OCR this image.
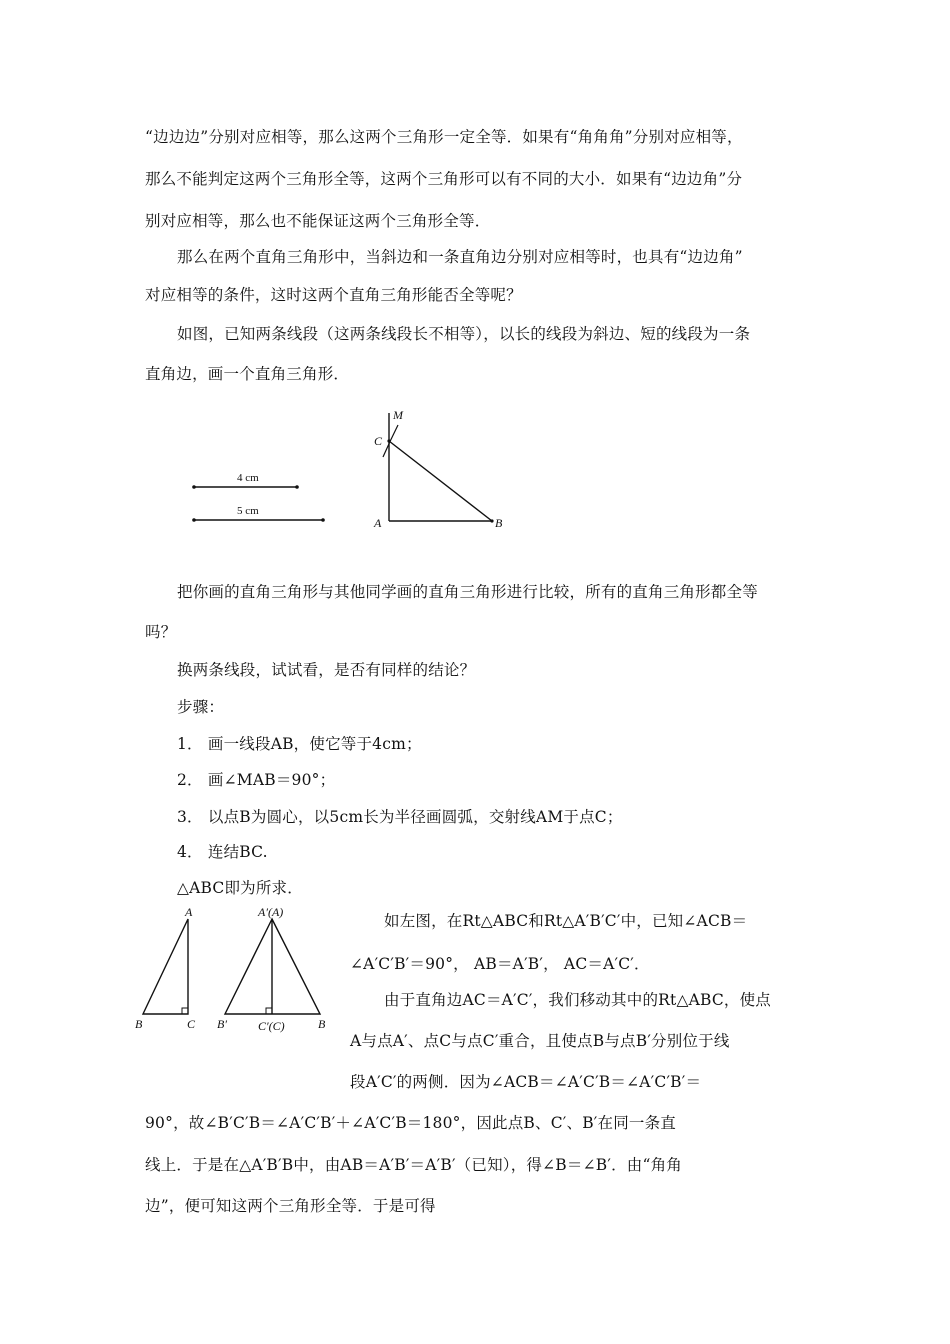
“边边边”分别对应相等，那么这两个三角形一定全等．如果有“角角角”分别对应相等，
那么不能判定这两个三角形全等，这两个三角形可以有不同的大小．如果有“边边角”分
别对应相等，那么也不能保证这两个三角形全等．
那么在两个直角三角形中，当斜边和一条直角边分别对应相等时，也具有“边边角”
对应相等的条件，这时这两个直角三角形能否全等呢？
如图，已知两条线段（这两条线段长不相等），以长的线段为斜边、短的线段为一条
直角边，画一个直角三角形．
4 cm
5 cm
M
C
A	B
把你画的直角三角形与其他同学画的直角三角形进行比较，所有的直角三角形都全等
吗？
换两条线段，试试看，是否有同样的结论？
步骤：
1． 画一线段AB，使它等于4cm；
2． 画∠MAB＝90°；
3． 以点B为圆心，以5cm长为半径画圆弧，交射线AM于点C；
4． 连结BC.
△ABC即为所求．
A
B	C
A′(A)
B′	C′(C)	B
如左图，在Rt△ABC和Rt△A′B′C′中，已知∠ACB＝
∠A′C′B′＝90°， AB＝A′B′， AC＝A′C′．
由于直角边AC＝A′C′，我们移动其中的Rt△ABC，使点
A与点A′、点C与点C′重合，且使点B与点B′分别位于线
段A′C′的两侧．因为∠ACB＝∠A′C′B＝∠A′C′B′＝
90°，故∠B′C′B＝∠A′C′B′＋∠A′C′B＝180°，因此点B、C′、B′在同一条直
线上．于是在△A′B′B中，由AB＝A′B′＝A′B′（已知），得∠B＝∠B′．由“角角
边”，便可知这两个三角形全等．于是可得
